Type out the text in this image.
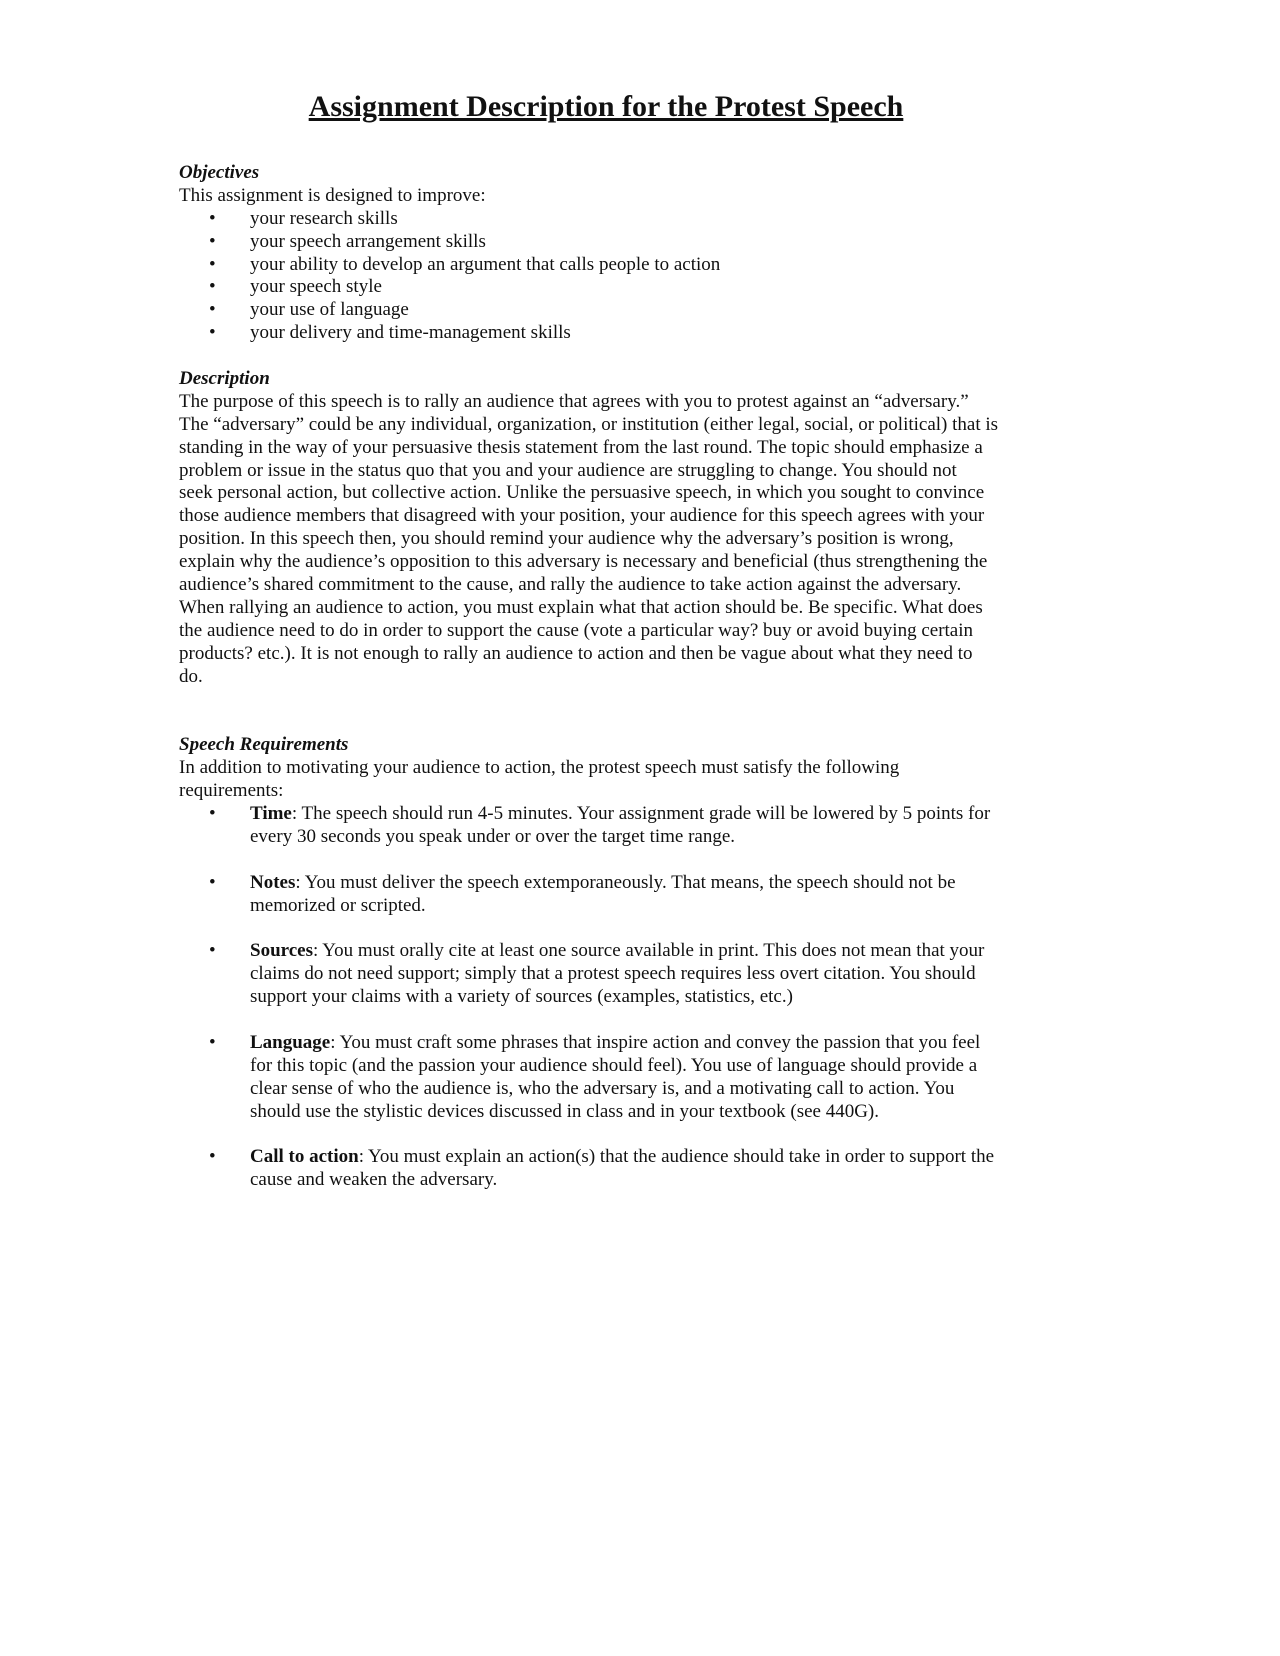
Assignment Description for the Protest Speech
Objectives
This assignment is designed to improve:
• your research skills
• your speech arrangement skills
• your ability to develop an argument that calls people to action
• your speech style
• your use of language
• your delivery and time-management skills
Description
The purpose of this speech is to rally an audience that agrees with you to protest against an “adversary.”
The “adversary” could be any individual, organization, or institution (either legal, social, or political) that is
standing in the way of your persuasive thesis statement from the last round. The topic should emphasize a
problem or issue in the status quo that you and your audience are struggling to change. You should not
seek personal action, but collective action. Unlike the persuasive speech, in which you sought to convince
those audience members that disagreed with your position, your audience for this speech agrees with your
position. In this speech then, you should remind your audience why the adversary’s position is wrong,
explain why the audience’s opposition to this adversary is necessary and beneficial (thus strengthening the
audience’s shared commitment to the cause, and rally the audience to take action against the adversary.
When rallying an audience to action, you must explain what that action should be. Be specific. What does
the audience need to do in order to support the cause (vote a particular way? buy or avoid buying certain
products? etc.). It is not enough to rally an audience to action and then be vague about what they need to
do.
Speech Requirements
In addition to motivating your audience to action, the protest speech must satisfy the following
requirements:
• Time: The speech should run 4-5 minutes. Your assignment grade will be lowered by 5 points for
every 30 seconds you speak under or over the target time range.
• Notes: You must deliver the speech extemporaneously. That means, the speech should not be
memorized or scripted.
• Sources: You must orally cite at least one source available in print. This does not mean that your
claims do not need support; simply that a protest speech requires less overt citation. You should
support your claims with a variety of sources (examples, statistics, etc.)
• Language: You must craft some phrases that inspire action and convey the passion that you feel
for this topic (and the passion your audience should feel). You use of language should provide a
clear sense of who the audience is, who the adversary is, and a motivating call to action. You
should use the stylistic devices discussed in class and in your textbook (see 440G).
• Call to action: You must explain an action(s) that the audience should take in order to support the
cause and weaken the adversary.
